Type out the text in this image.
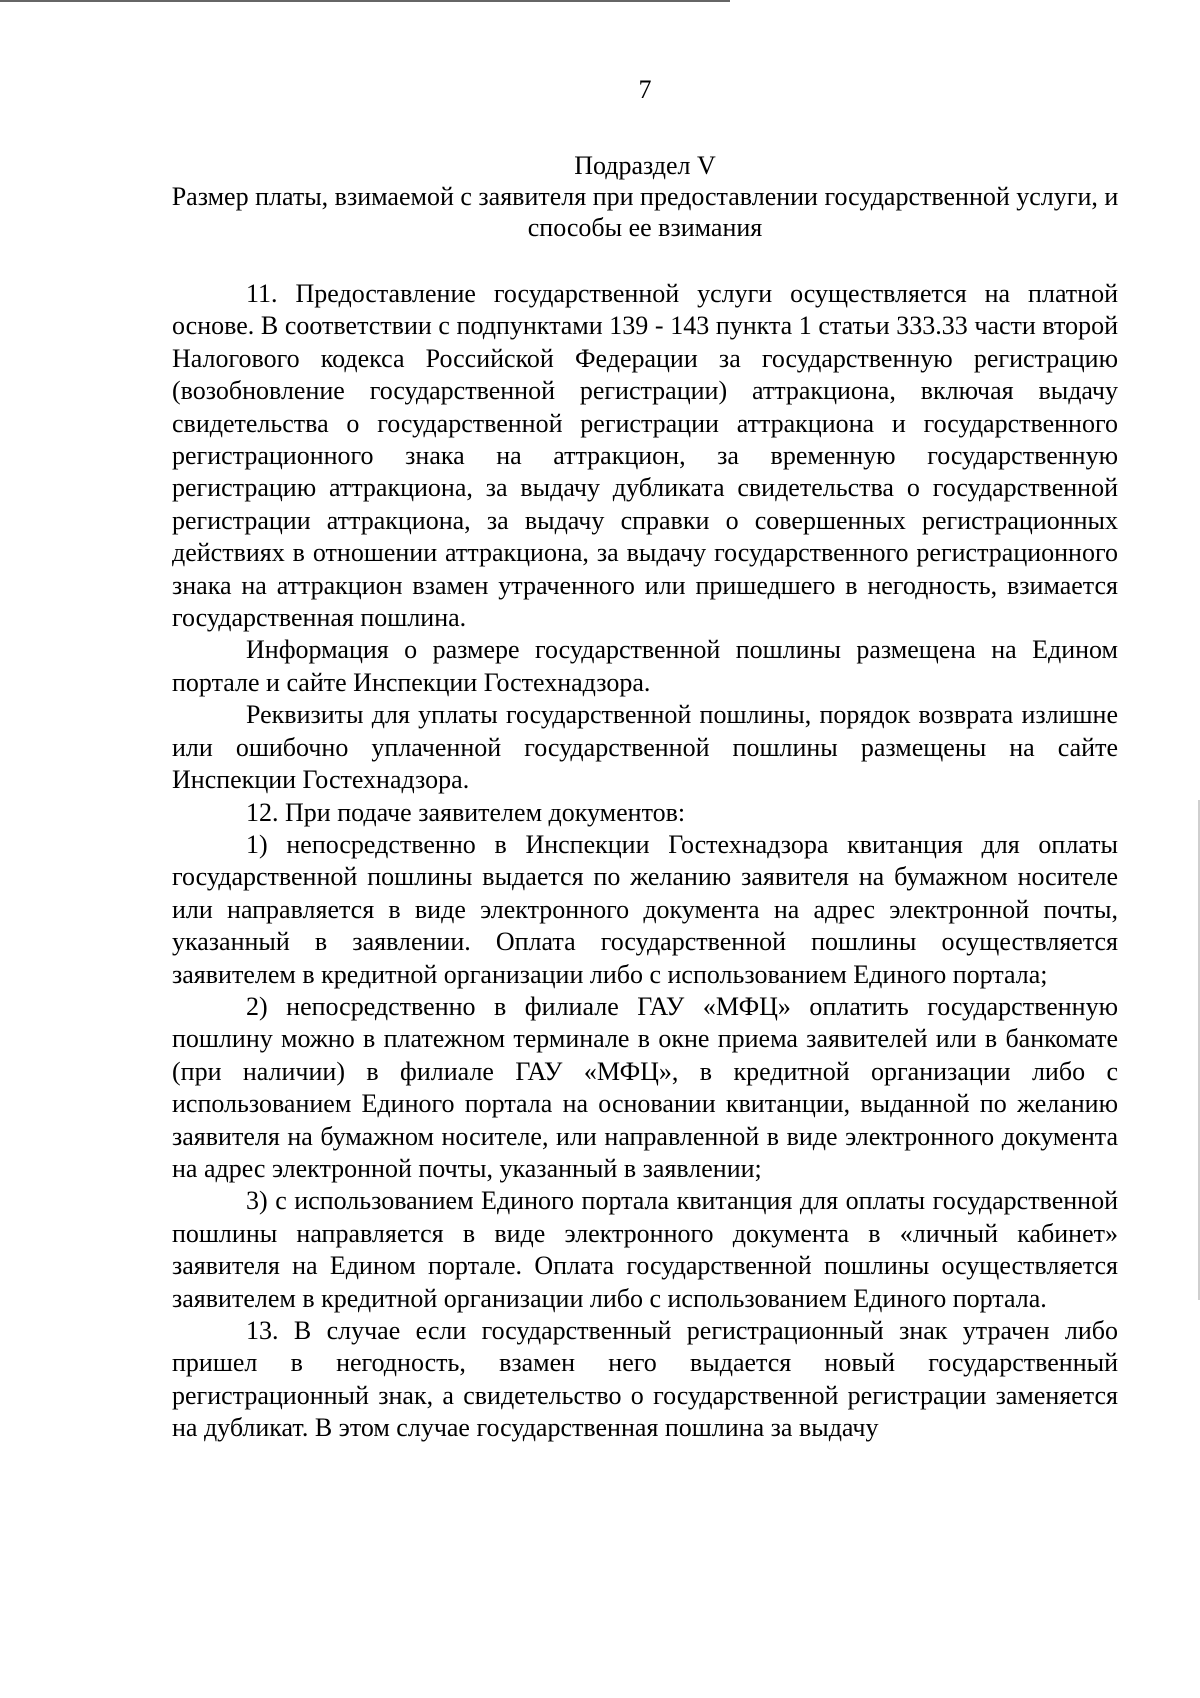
7
Подраздел V
Размер платы, взимаемой с заявителя при предоставлении государственной услуги, и способы ее взимания

11. Предоставление государственной услуги осуществляется на платной основе. В соответствии с подпунктами 139 - 143 пункта 1 статьи 333.33 части второй Налогового кодекса Российской Федерации за государственную регистрацию (возобновление государственной регистрации) аттракциона, включая выдачу свидетельства о государственной регистрации аттракциона и государственного регистрационного знака на аттракцион, за временную государственную регистрацию аттракциона, за выдачу дубликата свидетельства о государственной регистрации аттракциона, за выдачу справки о совершенных регистрационных действиях в отношении аттракциона, за выдачу государственного регистрационного знака на аттракцион взамен утраченного или пришедшего в негодность, взимается государственная пошлина.

Информация о размере государственной пошлины размещена на Едином портале и сайте Инспекции Гостехнадзора.

Реквизиты для уплаты государственной пошлины, порядок возврата излишне или ошибочно уплаченной государственной пошлины размещены на сайте Инспекции Гостехнадзора.

12. При подаче заявителем документов:

1) непосредственно в Инспекции Гостехнадзора квитанция для оплаты государственной пошлины выдается по желанию заявителя на бумажном носителе или направляется в виде электронного документа на адрес электронной почты, указанный в заявлении. Оплата государственной пошлины осуществляется заявителем в кредитной организации либо с использованием Единого портала;

2) непосредственно в филиале ГАУ «МФЦ» оплатить государственную пошлину можно в платежном терминале в окне приема заявителей или в банкомате (при наличии) в филиале ГАУ «МФЦ», в кредитной организации либо с использованием Единого портала на основании квитанции, выданной по желанию заявителя на бумажном носителе, или направленной в виде электронного документа на адрес электронной почты, указанный в заявлении;

3) с использованием Единого портала квитанция для оплаты государственной пошлины направляется в виде электронного документа в «личный кабинет» заявителя на Едином портале. Оплата государственной пошлины осуществляется заявителем в кредитной организации либо с использованием Единого портала.

13. В случае если государственный регистрационный знак утрачен либо пришел в негодность, взамен него выдается новый государственный регистрационный знак, а свидетельство о государственной регистрации заменяется на дубликат. В этом случае государственная пошлина за выдачу
